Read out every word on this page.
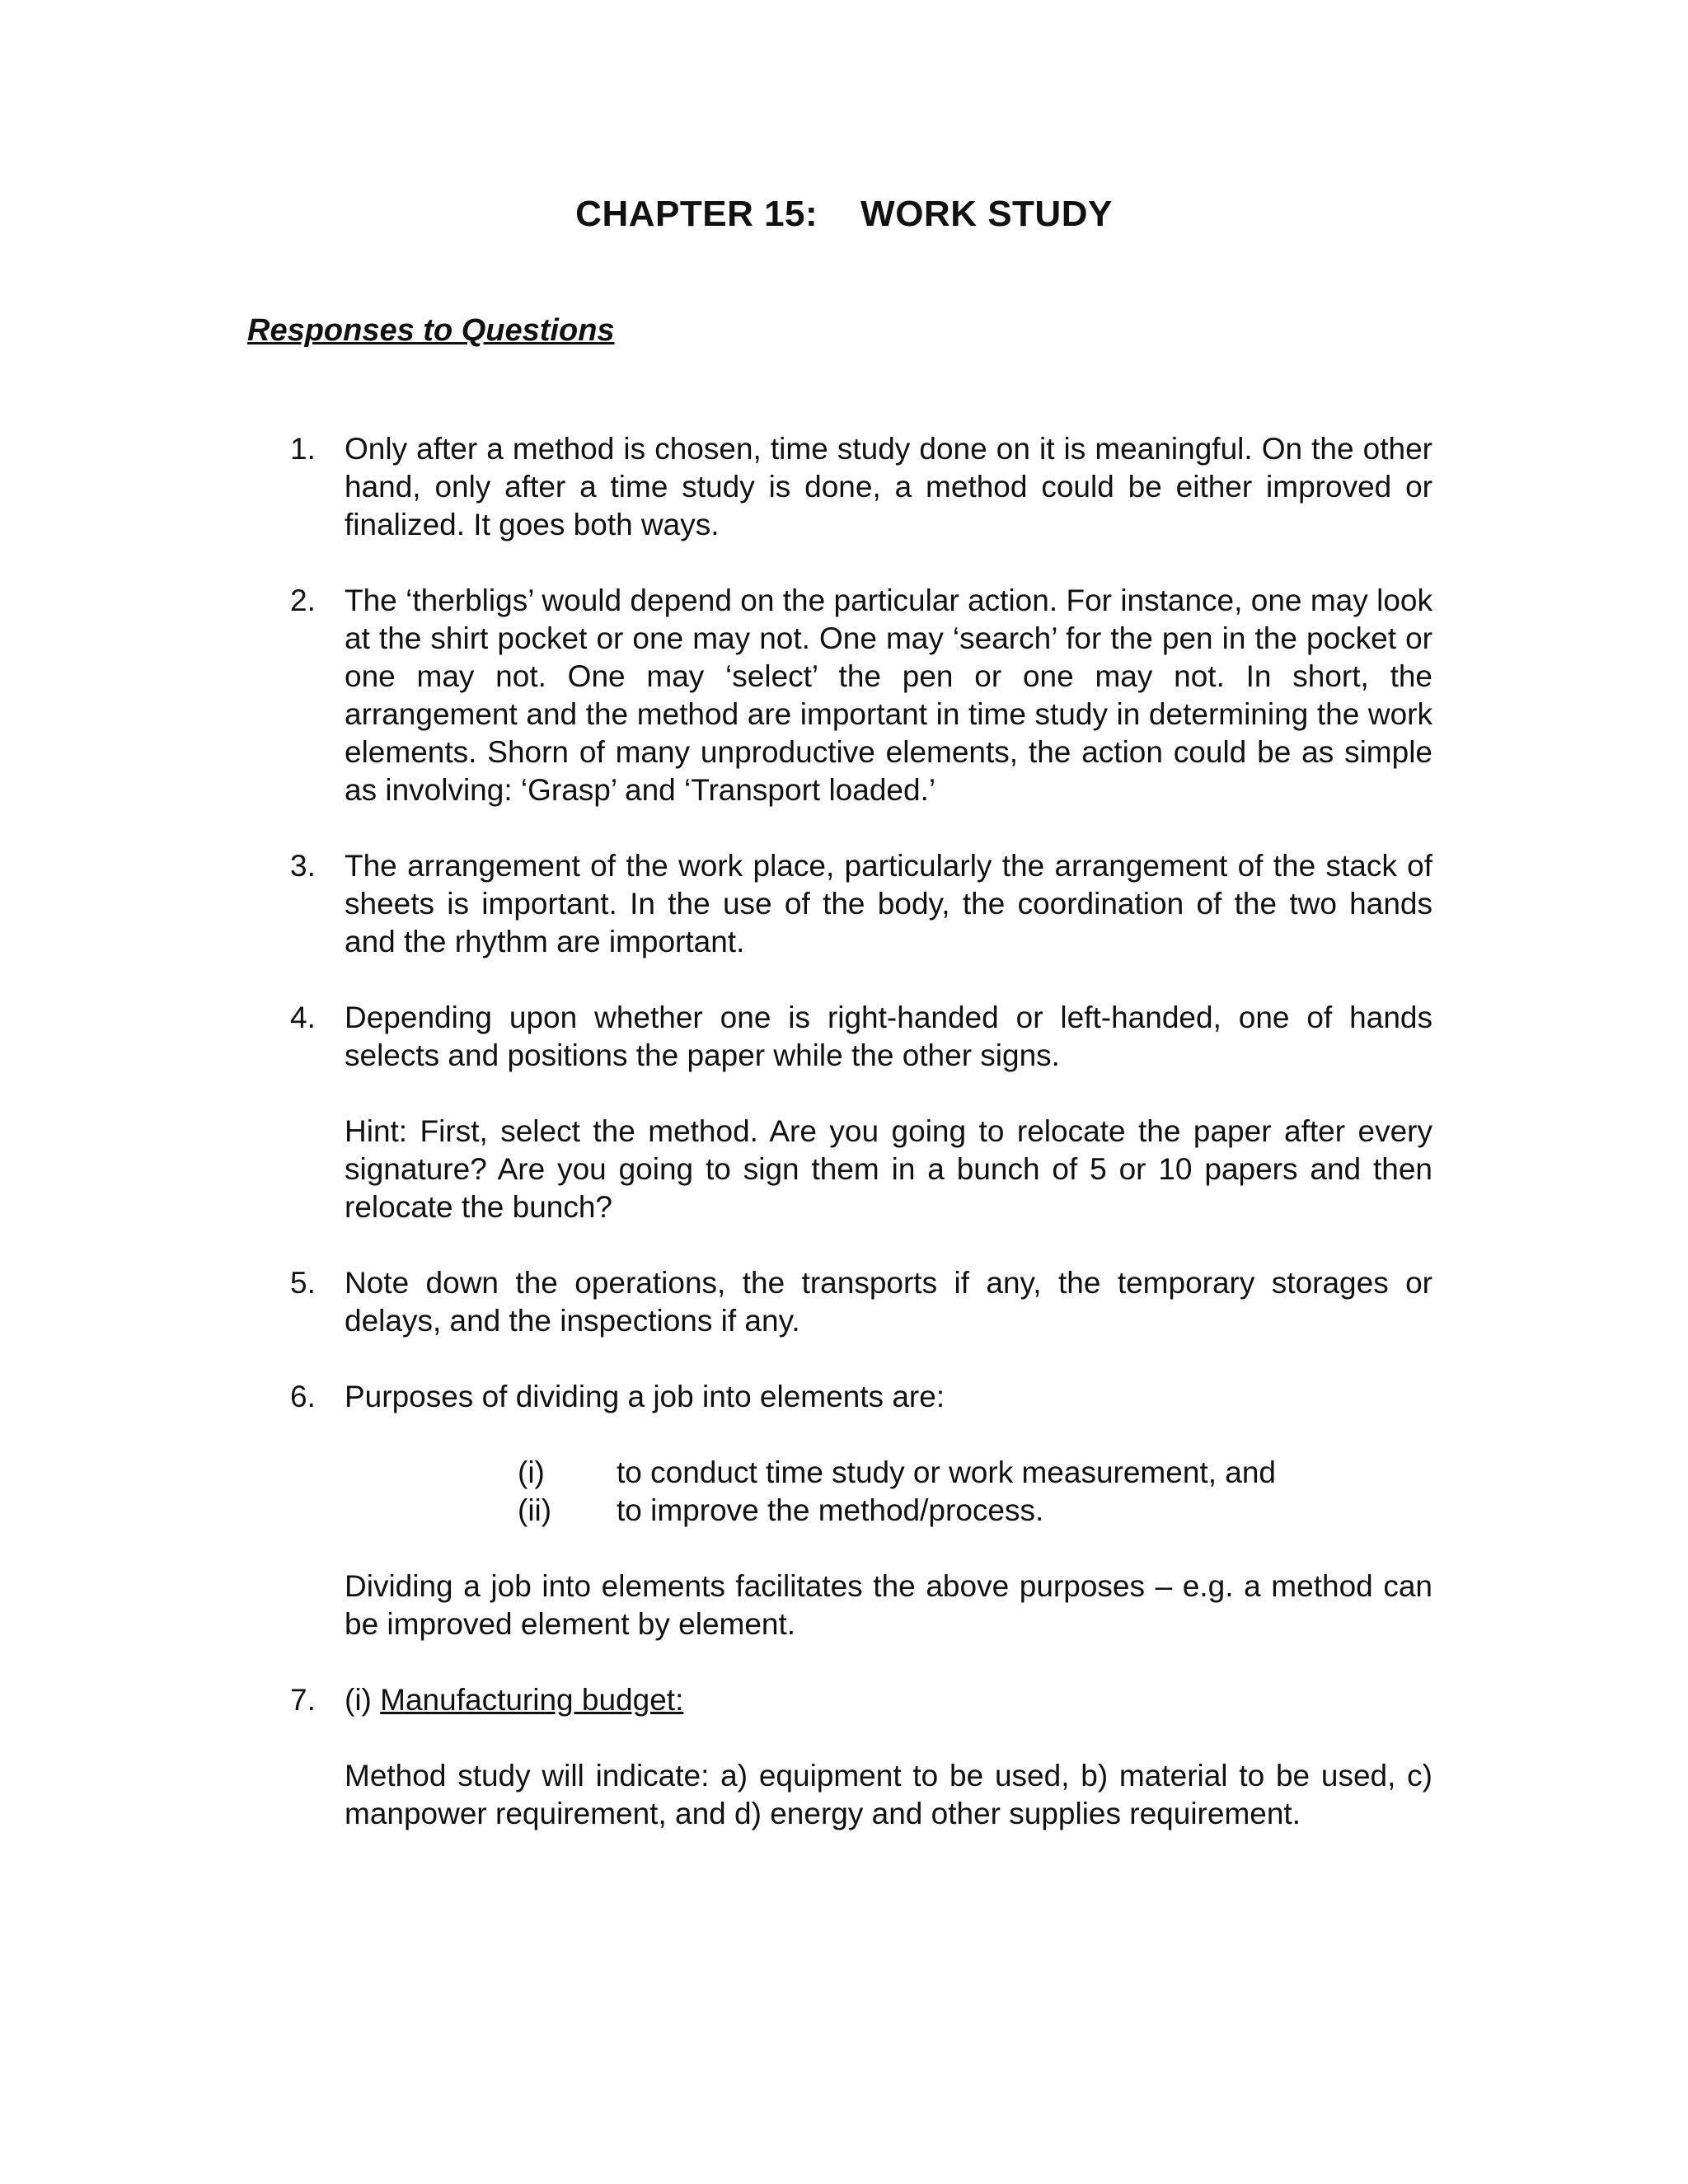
CHAPTER 15: WORK STUDY
Responses to Questions
1. Only after a method is chosen, time study done on it is meaningful. On the other hand, only after a time study is done, a method could be either improved or finalized. It goes both ways.

2. The ‘therbligs’ would depend on the particular action. For instance, one may look at the shirt pocket or one may not. One may ‘search’ for the pen in the pocket or one may not. One may ‘select’ the pen or one may not. In short, the arrangement and the method are important in time study in determining the work elements. Shorn of many unproductive elements, the action could be as simple as involving: ‘Grasp’ and ‘Transport loaded.’

3. The arrangement of the work place, particularly the arrangement of the stack of sheets is important. In the use of the body, the coordination of the two hands and the rhythm are important.

4. Depending upon whether one is right-handed or left-handed, one of hands selects and positions the paper while the other signs.

Hint: First, select the method. Are you going to relocate the paper after every signature? Are you going to sign them in a bunch of 5 or 10 papers and then relocate the bunch?

5. Note down the operations, the transports if any, the temporary storages or delays, and the inspections if any.

6. Purposes of dividing a job into elements are:

(i) to conduct time study or work measurement, and
(ii) to improve the method/process.

Dividing a job into elements facilitates the above purposes – e.g. a method can be improved element by element.

7. (i) Manufacturing budget:

Method study will indicate: a) equipment to be used, b) material to be used, c) manpower requirement, and d) energy and other supplies requirement.
